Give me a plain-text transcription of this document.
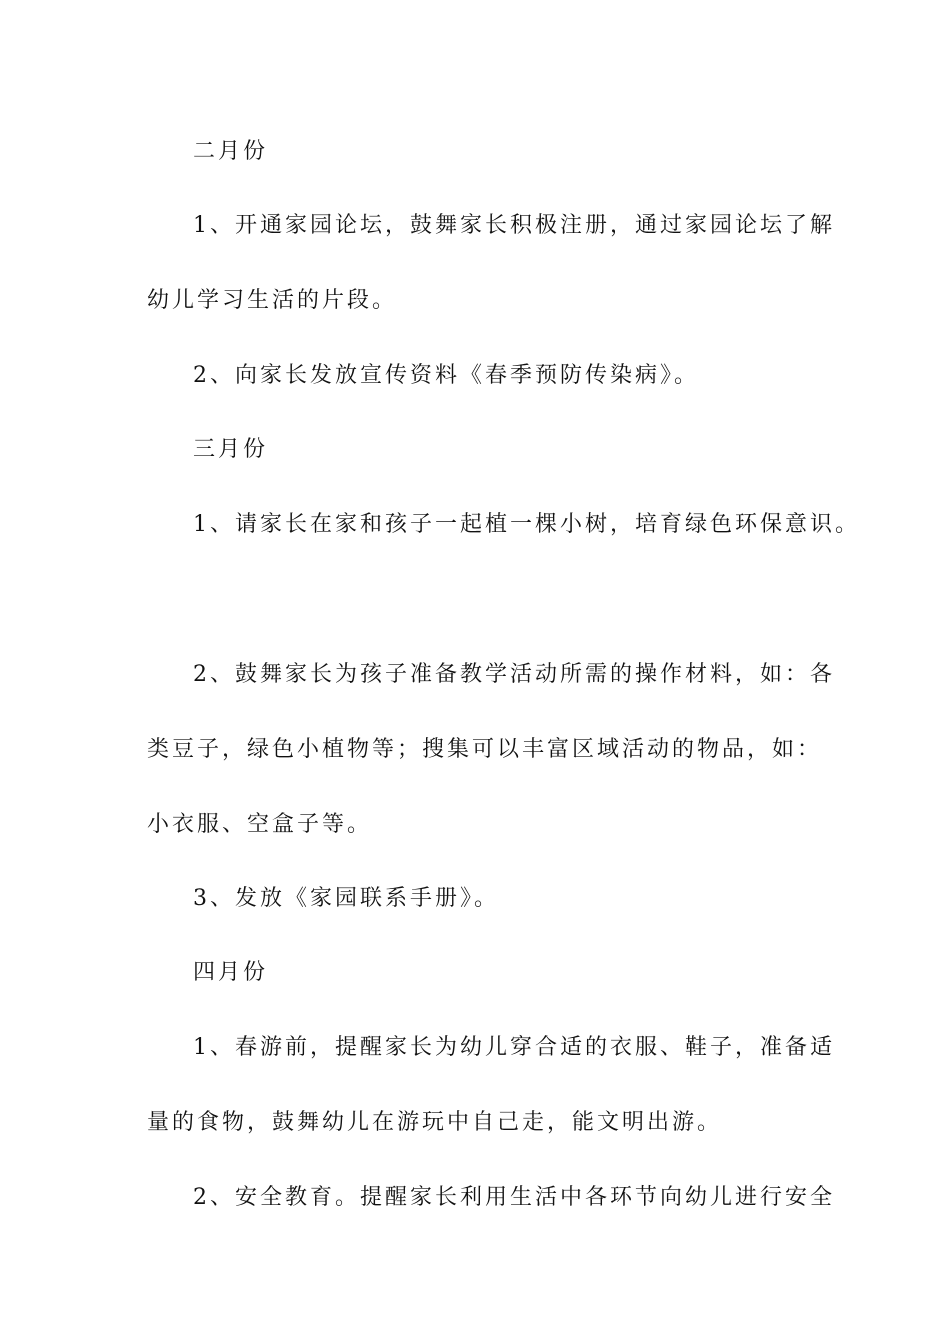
二月份
1、开通家园论坛，鼓舞家长积极注册，通过家园论坛了解
幼儿学习生活的片段。
2、向家长发放宣传资料《春季预防传染病》。
三月份
1、请家长在家和孩子一起植一棵小树，培育绿色环保意识。
2、鼓舞家长为孩子准备教学活动所需的操作材料，如：各
类豆子，绿色小植物等；搜集可以丰富区域活动的物品，如：
小衣服、空盒子等。
3、发放《家园联系手册》。
四月份
1、春游前，提醒家长为幼儿穿合适的衣服、鞋子，准备适
量的食物，鼓舞幼儿在游玩中自己走，能文明出游。
2、安全教育。提醒家长利用生活中各环节向幼儿进行安全
